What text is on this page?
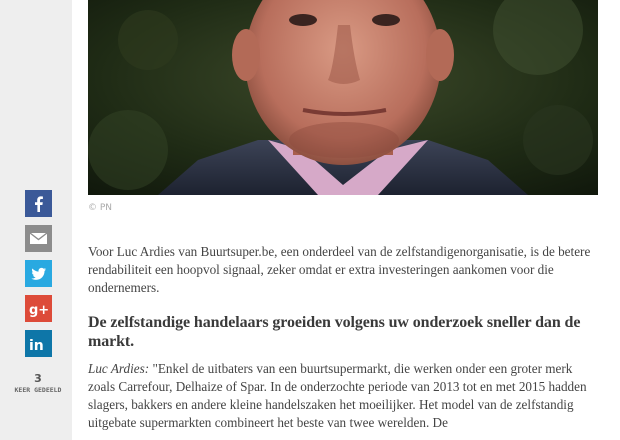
g+
in
3
KEER GEDEELD
© PN

Voor Luc Ardies van Buurtsuper.be, een onderdeel van de zelfstandigenorganisatie, is de betere rendabiliteit een hoopvol signaal, zeker omdat er extra investeringen aankomen voor die ondernemers.

De zelfstandige handelaars groeiden volgens uw onderzoek sneller dan de markt.

Luc Ardies: "Enkel de uitbaters van een buurtsupermarkt, die werken onder een groter merk zoals Carrefour, Delhaize of Spar. In de onderzochte periode van 2013 tot en met 2015 hadden slagers, bakkers en andere kleine handelszaken het moeilijker. Het model van de zelfstandig uitgebate supermarkten combineert het beste van twee werelden. De
